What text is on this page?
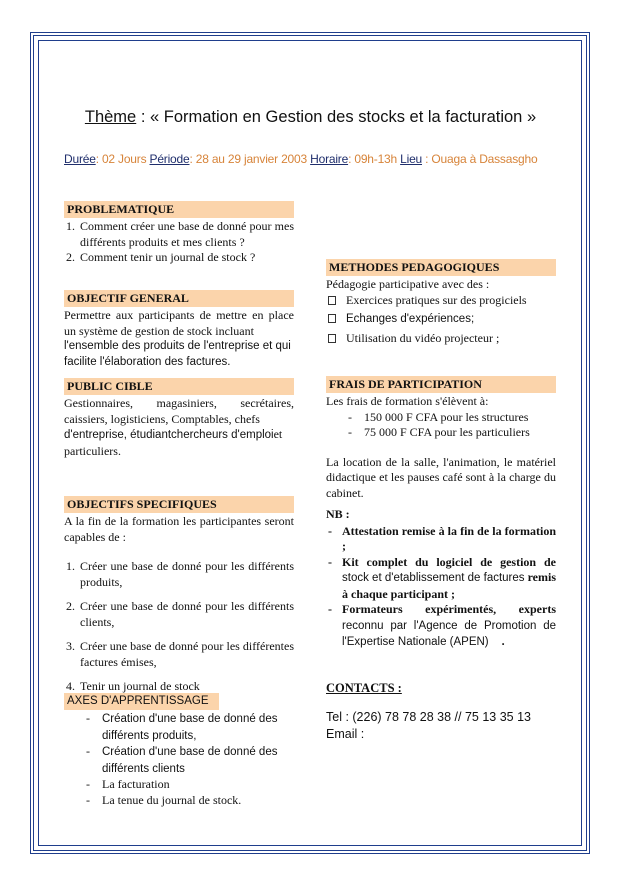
Thème : « Formation en Gestion des stocks et la facturation »
Durée: 02 Jours Période: 28 au 29 janvier 2003 Horaire: 09h-13h Lieu : Ouaga à Dassasgho
PROBLEMATIQUE
1. Comment créer une base de donné pour mes différents produits et mes clients ?
2. Comment tenir un journal de stock ?
OBJECTIF GENERAL
Permettre aux participants de mettre en place un système de gestion de stock incluant
l'ensemble des produits de l'entreprise et qui facilite l'élaboration des factures.
PUBLIC CIBLE
Gestionnaires, magasiniers, secrétaires, caissiers, logisticiens, Comptables, chefs
d'entreprise, étudiantchercheurs d'emploiet particuliers.
OBJECTIFS SPECIFIQUES
A la fin de la formation les participantes seront capables de :
1. Créer une base de donné pour les différents produits,
2. Créer une base de donné pour les différents clients,
3. Créer une base de donné pour les différentes factures émises,
4. Tenir un journal de stock
AXES D'APPRENTISSAGE
- Création d'une base de donné des différents produits,
- Création d'une base de donné des différents clients
- La facturation
- La tenue du journal de stock.
METHODES PEDAGOGIQUES
Pédagogie participative avec des :
Exercices pratiques sur des progiciels
Echanges d'expériences;
Utilisation du vidéo projecteur ;
FRAIS DE PARTICIPATION
Les frais de formation s'élèvent à:
- 150 000 F CFA pour les structures
- 75 000 F CFA pour les particuliers
La location de la salle, l'animation, le matériel didactique et les pauses café sont à la charge du cabinet.
NB :
- Attestation remise à la fin de la formation ;
- Kit complet du logiciel de gestion de stock et d'etablissement de factures remis à chaque participant ;
- Formateurs expérimentés, experts reconnu par l'Agence de Promotion de l'Expertise Nationale (APEN) .
CONTACTS :
Tel : (226) 78 78 28 38 // 75 13 35 13
Email :
